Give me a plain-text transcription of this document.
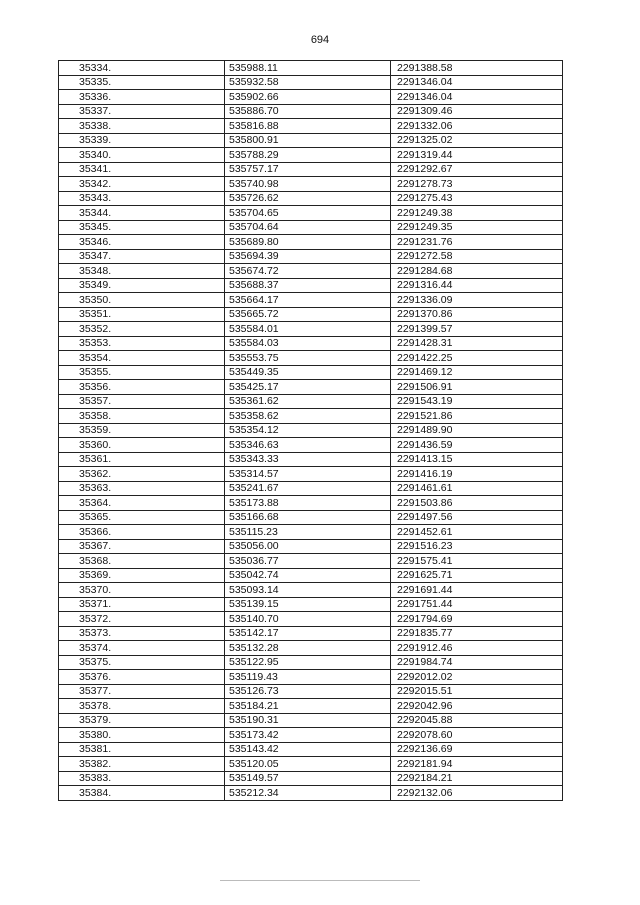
694
35334.	535988.11	2291388.58
35335.	535932.58	2291346.04
35336.	535902.66	2291346.04
35337.	535886.70	2291309.46
35338.	535816.88	2291332.06
35339.	535800.91	2291325.02
35340.	535788.29	2291319.44
35341.	535757.17	2291292.67
35342.	535740.98	2291278.73
35343.	535726.62	2291275.43
35344.	535704.65	2291249.38
35345.	535704.64	2291249.35
35346.	535689.80	2291231.76
35347.	535694.39	2291272.58
35348.	535674.72	2291284.68
35349.	535688.37	2291316.44
35350.	535664.17	2291336.09
35351.	535665.72	2291370.86
35352.	535584.01	2291399.57
35353.	535584.03	2291428.31
35354.	535553.75	2291422.25
35355.	535449.35	2291469.12
35356.	535425.17	2291506.91
35357.	535361.62	2291543.19
35358.	535358.62	2291521.86
35359.	535354.12	2291489.90
35360.	535346.63	2291436.59
35361.	535343.33	2291413.15
35362.	535314.57	2291416.19
35363.	535241.67	2291461.61
35364.	535173.88	2291503.86
35365.	535166.68	2291497.56
35366.	535115.23	2291452.61
35367.	535056.00	2291516.23
35368.	535036.77	2291575.41
35369.	535042.74	2291625.71
35370.	535093.14	2291691.44
35371.	535139.15	2291751.44
35372.	535140.70	2291794.69
35373.	535142.17	2291835.77
35374.	535132.28	2291912.46
35375.	535122.95	2291984.74
35376.	535119.43	2292012.02
35377.	535126.73	2292015.51
35378.	535184.21	2292042.96
35379.	535190.31	2292045.88
35380.	535173.42	2292078.60
35381.	535143.42	2292136.69
35382.	535120.05	2292181.94
35383.	535149.57	2292184.21
35384.	535212.34	2292132.06
